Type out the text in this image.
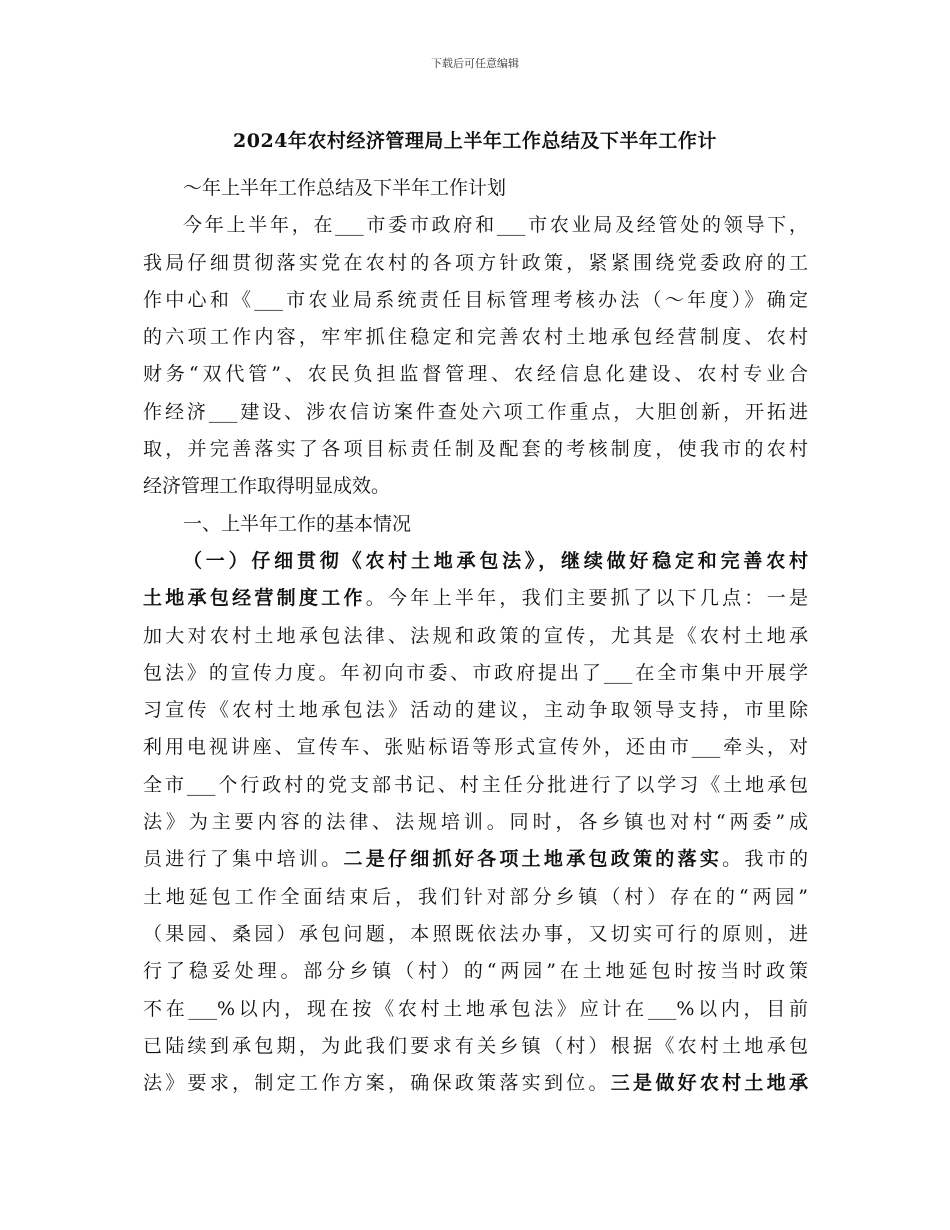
下载后可任意编辑
2024年农村经济管理局上半年工作总结及下半年工作计
～年上半年工作总结及下半年工作计划
今年上半年，在___市委市政府和___市农业局及经管处的领导下，
我局仔细贯彻落实党在农村的各项方针政策，紧紧围绕党委政府的工
作中心和《___市农业局系统责任目标管理考核办法（～年度）》确定
的六项工作内容，牢牢抓住稳定和完善农村土地承包经营制度、农村
财务“双代管”、农民负担监督管理、农经信息化建设、农村专业合
作经济___建设、涉农信访案件查处六项工作重点，大胆创新，开拓进
取，并完善落实了各项目标责任制及配套的考核制度，使我市的农村
经济管理工作取得明显成效。
一、上半年工作的基本情况
（一）仔细贯彻《农村土地承包法》，继续做好稳定和完善农村
土地承包经营制度工作。今年上半年，我们主要抓了以下几点：一是
加大对农村土地承包法律、法规和政策的宣传，尤其是《农村土地承
包法》的宣传力度。年初向市委、市政府提出了___在全市集中开展学
习宣传《农村土地承包法》活动的建议，主动争取领导支持，市里除
利用电视讲座、宣传车、张贴标语等形式宣传外，还由市___牵头，对
全市___个行政村的党支部书记、村主任分批进行了以学习《土地承包
法》为主要内容的法律、法规培训。同时，各乡镇也对村“两委”成
员进行了集中培训。二是仔细抓好各项土地承包政策的落实。我市的
土地延包工作全面结束后，我们针对部分乡镇（村）存在的“两园”
（果园、桑园）承包问题，本照既依法办事，又切实可行的原则，进
行了稳妥处理。部分乡镇（村）的“两园”在土地延包时按当时政策
不在___%以内，现在按《农村土地承包法》应计在___%以内，目前
已陆续到承包期，为此我们要求有关乡镇（村）根据《农村土地承包
法》要求，制定工作方案，确保政策落实到位。三是做好农村土地承
